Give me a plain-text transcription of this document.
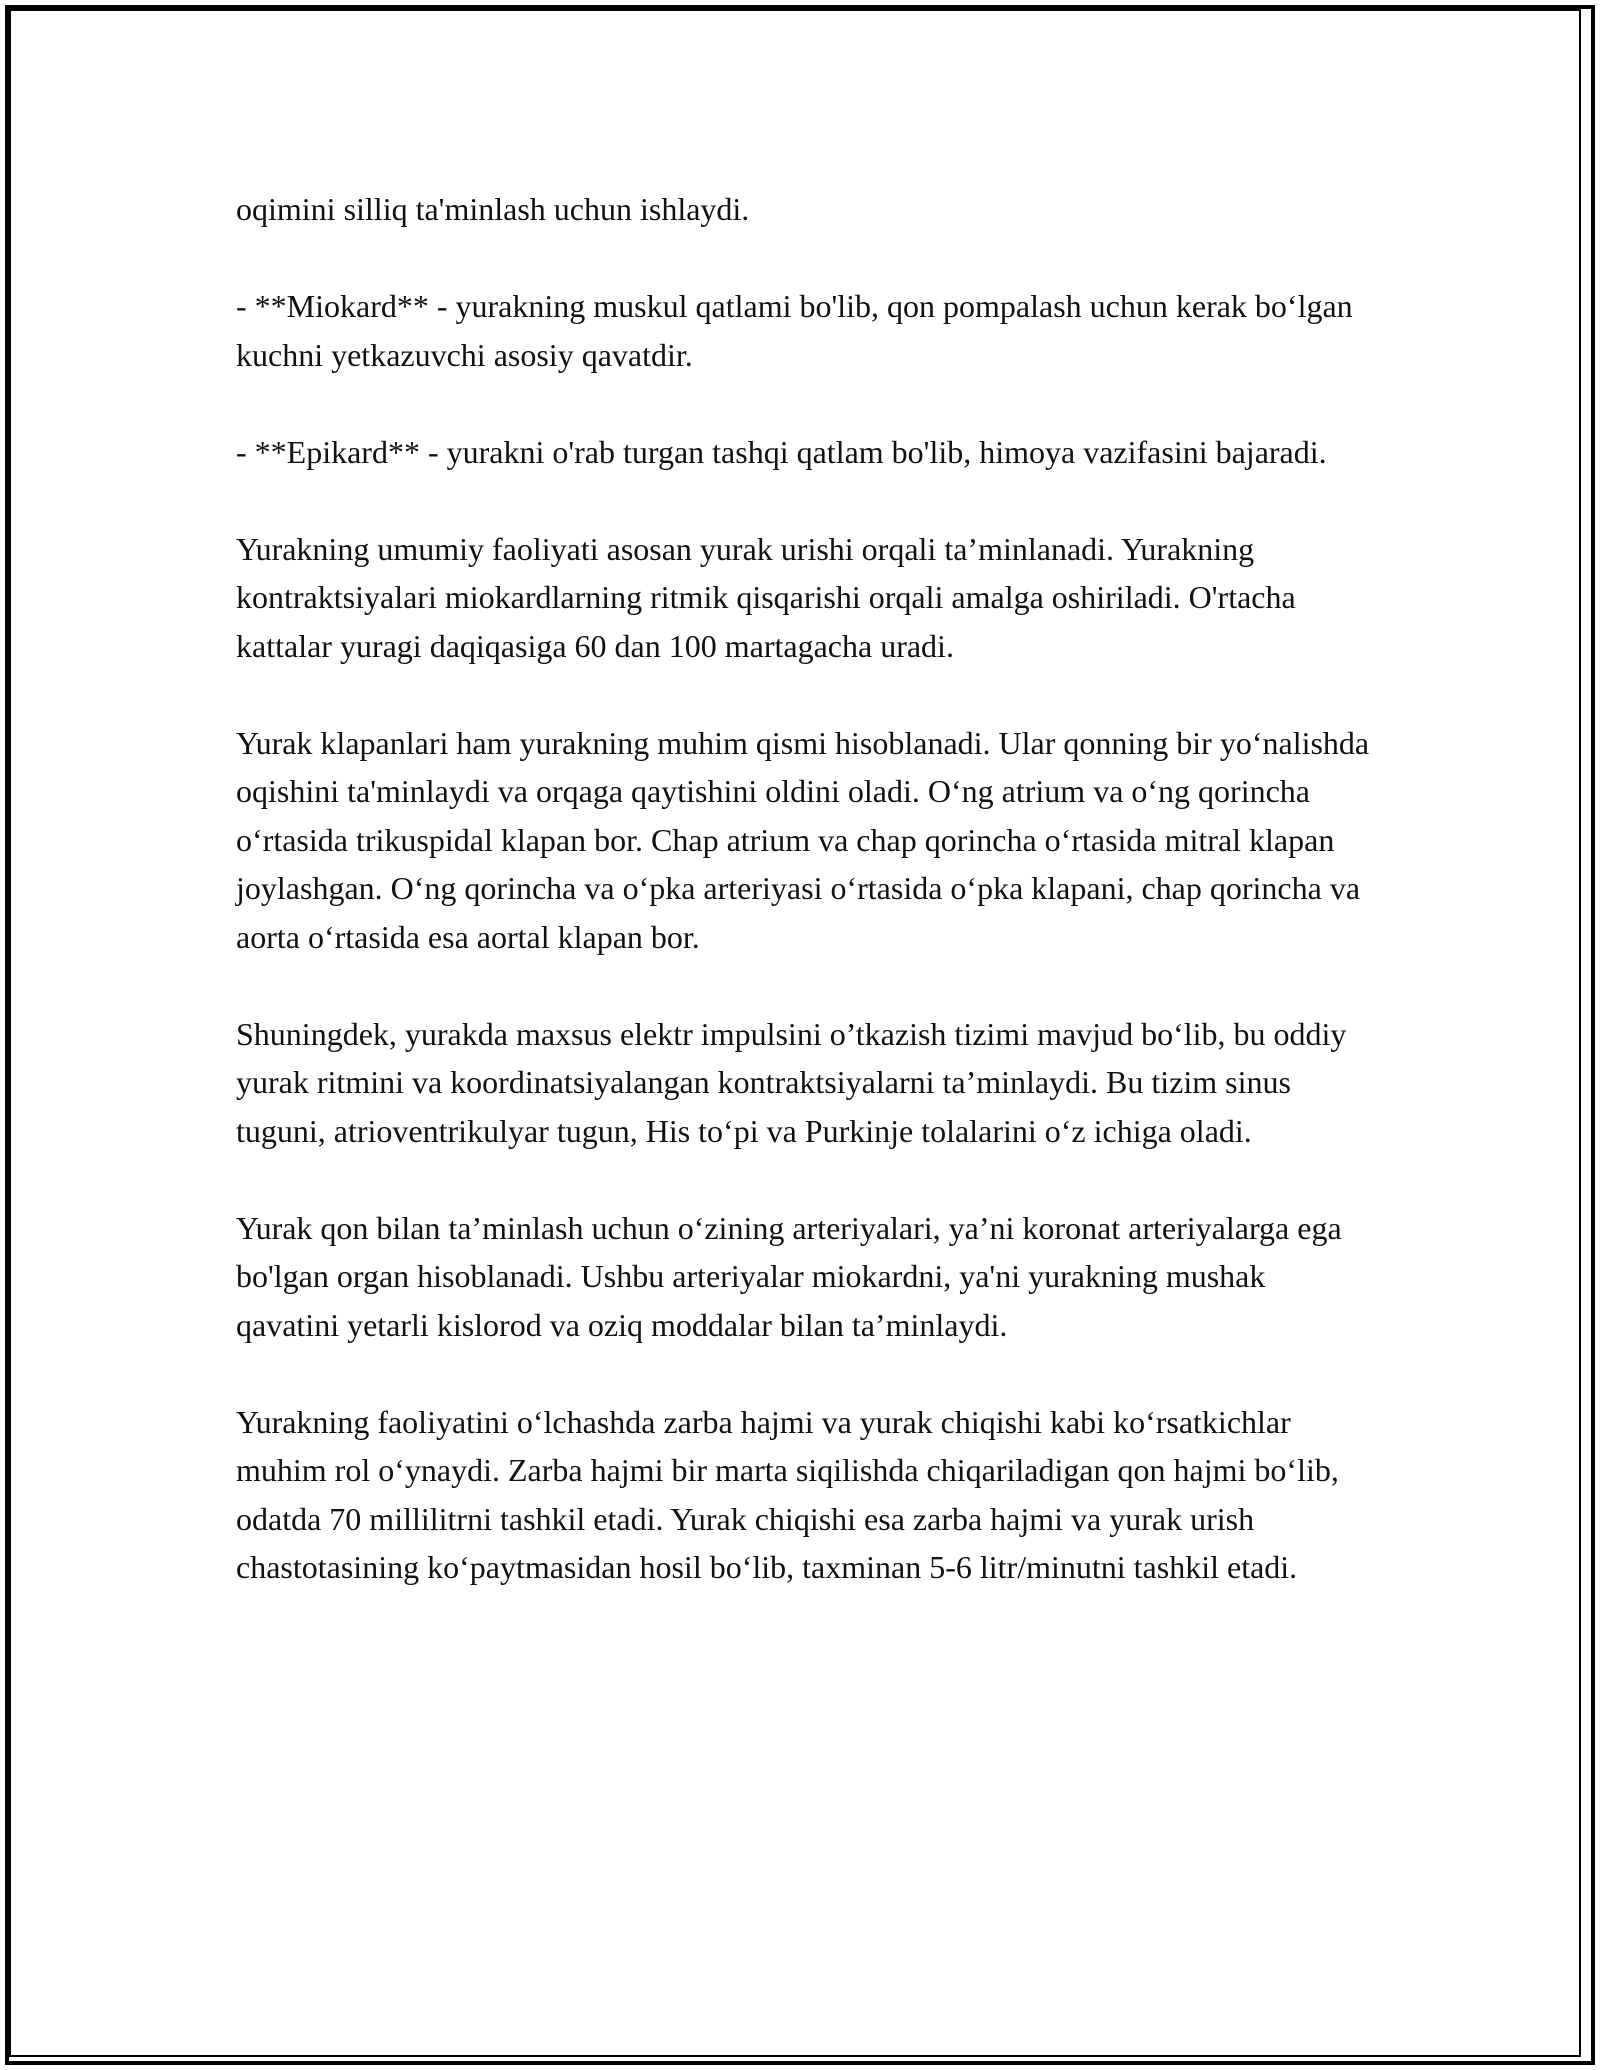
oqimini silliq ta'minlash uchun ishlaydi.

- **Miokard** - yurakning muskul qatlami bo'lib, qon pompalash uchun kerak bo‘lgan kuchni yetkazuvchi asosiy qavatdir.

- **Epikard** - yurakni o'rab turgan tashqi qatlam bo'lib, himoya vazifasini bajaradi.

Yurakning umumiy faoliyati asosan yurak urishi orqali ta’minlanadi. Yurakning kontraktsiyalari miokardlarning ritmik qisqarishi orqali amalga oshiriladi. O'rtacha kattalar yuragi daqiqasiga 60 dan 100 martagacha uradi.

Yurak klapanlari ham yurakning muhim qismi hisoblanadi. Ular qonning bir yo‘nalishda oqishini ta'minlaydi va orqaga qaytishini oldini oladi. O‘ng atrium va o‘ng qorincha o‘rtasida trikuspidal klapan bor. Chap atrium va chap qorincha o‘rtasida mitral klapan joylashgan. O‘ng qorincha va o‘pka arteriyasi o‘rtasida o‘pka klapani, chap qorincha va aorta o‘rtasida esa aortal klapan bor.

Shuningdek, yurakda maxsus elektr impulsini o’tkazish tizimi mavjud bo‘lib, bu oddiy yurak ritmini va koordinatsiyalangan kontraktsiyalarni ta’minlaydi. Bu tizim sinus tuguni, atrioventrikulyar tugun, His to‘pi va Purkinje tolalarini o‘z ichiga oladi.

Yurak qon bilan ta’minlash uchun o‘zining arteriyalari, ya’ni koronat arteriyalarga ega bo'lgan organ hisoblanadi. Ushbu arteriyalar miokardni, ya'ni yurakning mushak qavatini yetarli kislorod va oziq moddalar bilan ta’minlaydi.

Yurakning faoliyatini o‘lchashda zarba hajmi va yurak chiqishi kabi ko‘rsatkichlar muhim rol o‘ynaydi. Zarba hajmi bir marta siqilishda chiqariladigan qon hajmi bo‘lib, odatda 70 millilitrni tashkil etadi. Yurak chiqishi esa zarba hajmi va yurak urish chastotasining ko‘paytmasidan hosil bo‘lib, taxminan 5-6 litr/minutni tashkil etadi.
